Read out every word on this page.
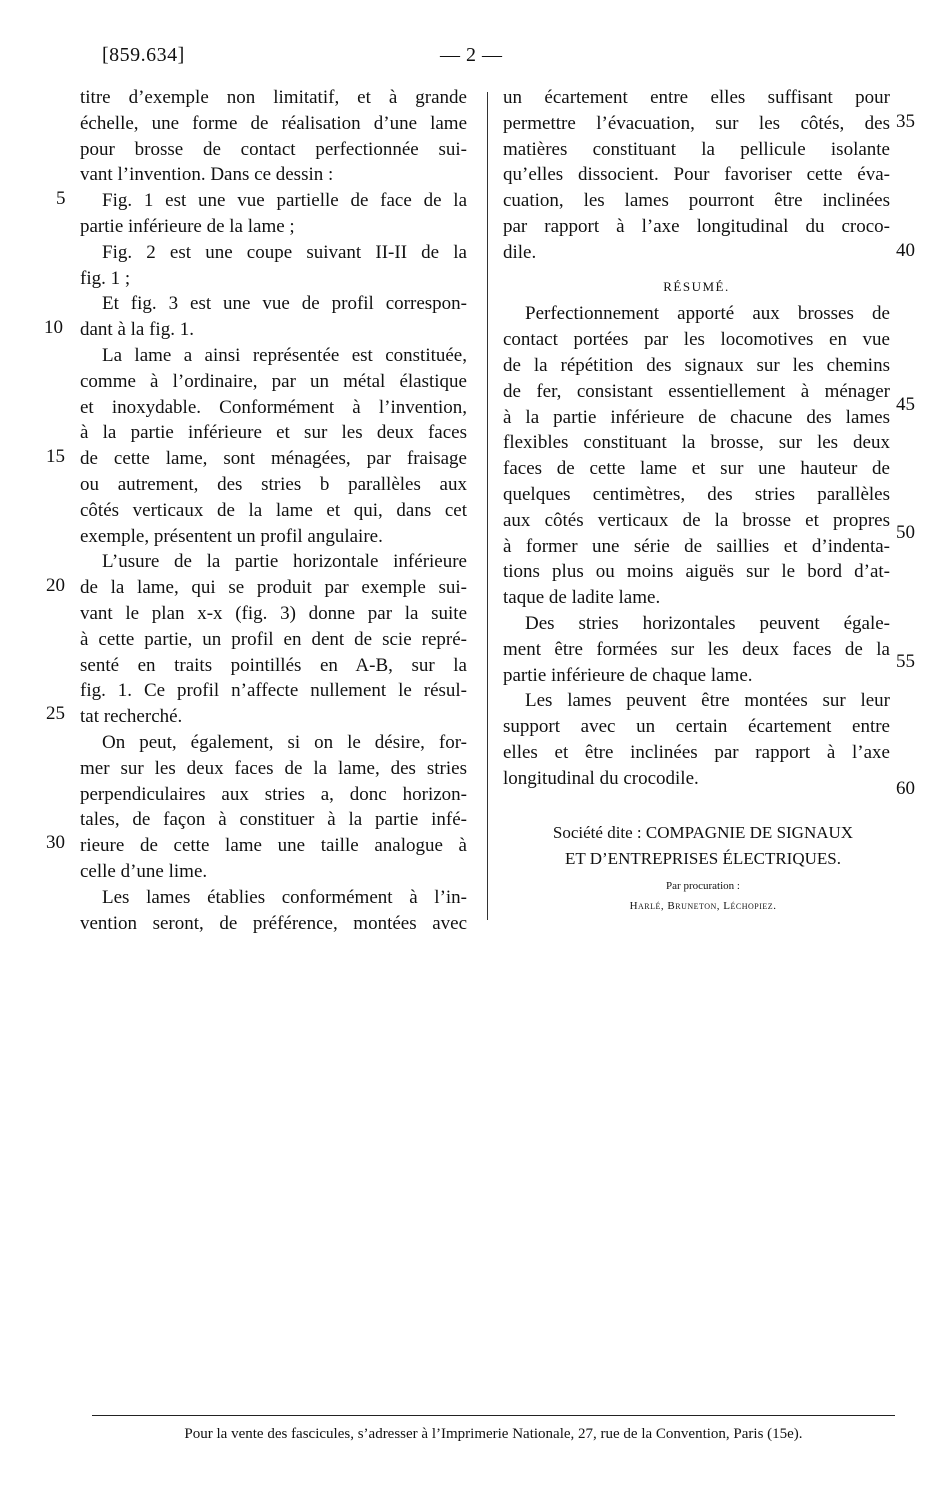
[859.634]	— 2 —
titre d’exemple non limitatif, et à grande
échelle, une forme de réalisation d’une lame
pour brosse de contact perfectionnée sui-
vant l’invention. Dans ce dessin :
Fig. 1 est une vue partielle de face de la
partie inférieure de la lame ;
Fig. 2 est une coupe suivant II-II de la
fig. 1 ;
Et fig. 3 est une vue de profil correspon-
dant à la fig. 1.
La lame a ainsi représentée est constituée,
comme à l’ordinaire, par un métal élastique
et inoxydable. Conformément à l’invention,
à la partie inférieure et sur les deux faces
de cette lame, sont ménagées, par fraisage
ou autrement, des stries b parallèles aux
côtés verticaux de la lame et qui, dans cet
exemple, présentent un profil angulaire.
L’usure de la partie horizontale inférieure
de la lame, qui se produit par exemple sui-
vant le plan x-x (fig. 3) donne par la suite
à cette partie, un profil en dent de scie repré-
senté en traits pointillés en A-B, sur la
fig. 1. Ce profil n’affecte nullement le résul-
tat recherché.
On peut, également, si on le désire, for-
mer sur les deux faces de la lame, des stries
perpendiculaires aux stries a, donc horizon-
tales, de façon à constituer à la partie infé-
rieure de cette lame une taille analogue à
celle d’une lime.
Les lames établies conformément à l’in-
vention seront, de préférence, montées avec
un écartement entre elles suffisant pour
permettre l’évacuation, sur les côtés, des
matières constituant la pellicule isolante
qu’elles dissocient. Pour favoriser cette éva-
cuation, les lames pourront être inclinées
par rapport à l’axe longitudinal du croco-
dile.
RÉSUMÉ.
Perfectionnement apporté aux brosses de
contact portées par les locomotives en vue
de la répétition des signaux sur les chemins
de fer, consistant essentiellement à ménager
à la partie inférieure de chacune des lames
flexibles constituant la brosse, sur les deux
faces de cette lame et sur une hauteur de
quelques centimètres, des stries parallèles
aux côtés verticaux de la brosse et propres
à former une série de saillies et d’indenta-
tions plus ou moins aiguës sur le bord d’at-
taque de ladite lame.
Des stries horizontales peuvent égale-
ment être formées sur les deux faces de la
partie inférieure de chaque lame.
Les lames peuvent être montées sur leur
support avec un certain écartement entre
elles et être inclinées par rapport à l’axe
longitudinal du crocodile.
5
10
15
20
25
30
35
40
45
50
55
60
Société dite : COMPAGNIE DE SIGNAUX
ET D’ENTREPRISES ÉLECTRIQUES.
Par procuration :
Harlé, Bruneton, Léchopiez.
Pour la vente des fascicules, s’adresser à l’Imprimerie Nationale, 27, rue de la Convention, Paris (15e).
